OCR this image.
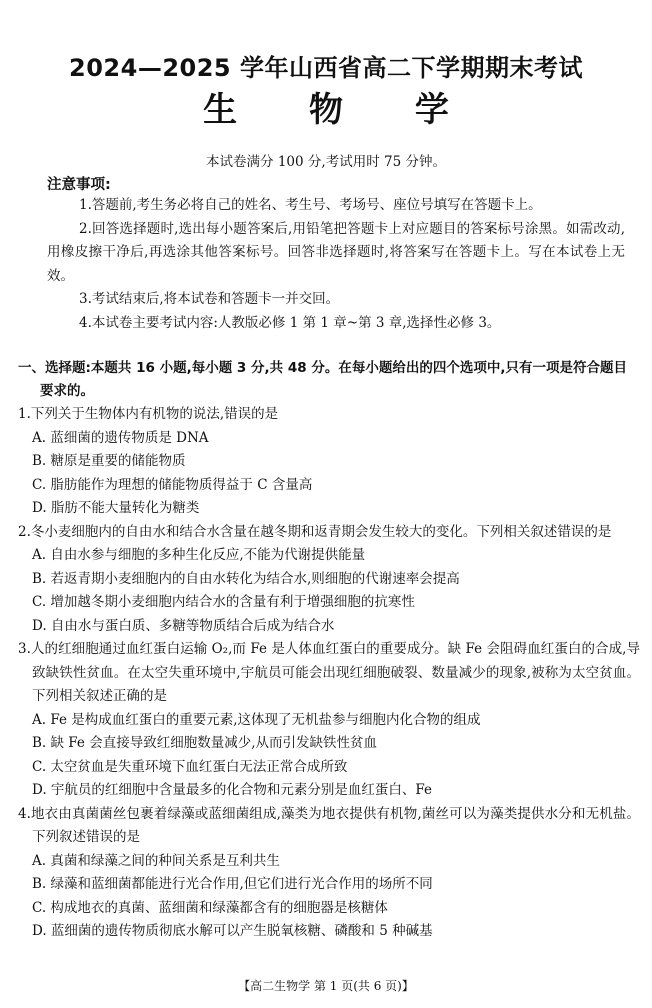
2024—2025 学年山西省高二下学期期末考试
生 物 学
本试卷满分 100 分,考试用时 75 分钟。
注意事项:
1.答题前,考生务必将自己的姓名、考生号、考场号、座位号填写在答题卡上。
2.回答选择题时,选出每小题答案后,用铅笔把答题卡上对应题目的答案标号涂黑。如需改动,用橡皮擦干净后,再选涂其他答案标号。回答非选择题时,将答案写在答题卡上。写在本试卷上无效。
3.考试结束后,将本试卷和答题卡一并交回。
4.本试卷主要考试内容:人教版必修 1 第 1 章~第 3 章,选择性必修 3。
一、选择题:本题共 16 小题,每小题 3 分,共 48 分。在每小题给出的四个选项中,只有一项是符合题目要求的。
1.下列关于生物体内有机物的说法,错误的是
A. 蓝细菌的遗传物质是 DNA
B. 糖原是重要的储能物质
C. 脂肪能作为理想的储能物质得益于 C 含量高
D. 脂肪不能大量转化为糖类
2.冬小麦细胞内的自由水和结合水含量在越冬期和返青期会发生较大的变化。下列相关叙述错误的是
A. 自由水参与细胞的多种生化反应,不能为代谢提供能量
B. 若返青期小麦细胞内的自由水转化为结合水,则细胞的代谢速率会提高
C. 增加越冬期小麦细胞内结合水的含量有利于增强细胞的抗寒性
D. 自由水与蛋白质、多糖等物质结合后成为结合水
3.人的红细胞通过血红蛋白运输 O₂,而 Fe 是人体血红蛋白的重要成分。缺 Fe 会阻碍血红蛋白的合成,导致缺铁性贫血。在太空失重环境中,宇航员可能会出现红细胞破裂、数量减少的现象,被称为太空贫血。下列相关叙述正确的是
A. Fe 是构成血红蛋白的重要元素,这体现了无机盐参与细胞内化合物的组成
B. 缺 Fe 会直接导致红细胞数量减少,从而引发缺铁性贫血
C. 太空贫血是失重环境下血红蛋白无法正常合成所致
D. 宇航员的红细胞中含量最多的化合物和元素分别是血红蛋白、Fe
4.地衣由真菌菌丝包裹着绿藻或蓝细菌组成,藻类为地衣提供有机物,菌丝可以为藻类提供水分和无机盐。下列叙述错误的是
A. 真菌和绿藻之间的种间关系是互利共生
B. 绿藻和蓝细菌都能进行光合作用,但它们进行光合作用的场所不同
C. 构成地衣的真菌、蓝细菌和绿藻都含有的细胞器是核糖体
D. 蓝细菌的遗传物质彻底水解可以产生脱氧核糖、磷酸和 5 种碱基
【高二生物学 第 1 页(共 6 页)】
